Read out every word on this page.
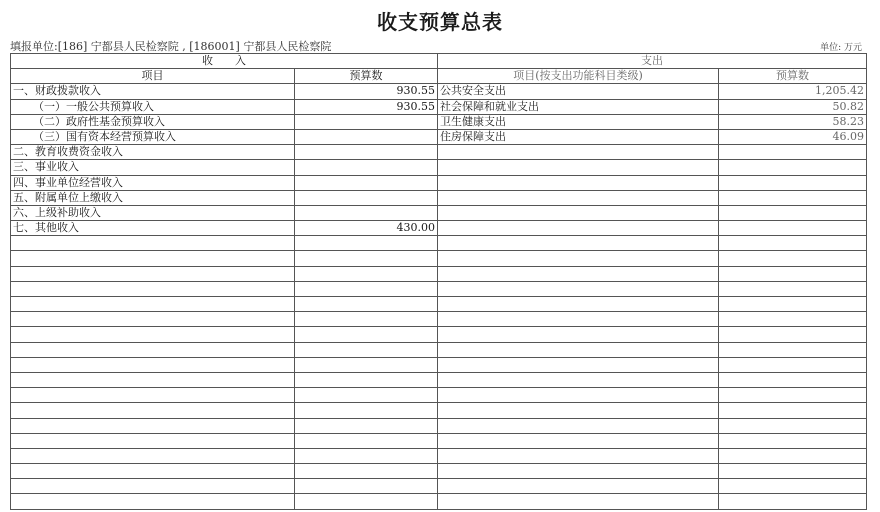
收支预算总表
填报单位:[186] 宁都县人民检察院 , [186001] 宁都县人民检察院	单位: 万元
收　　入		支出	
项目	预算数	项目(按支出功能科目类级)	预算数
一、财政拨款收入	930.55	公共安全支出	1,205.42
（一）一般公共预算收入	930.55	社会保障和就业支出	50.82
（二）政府性基金预算收入		卫生健康支出	58.23
（三）国有资本经营预算收入		住房保障支出	46.09
二、教育收费资金收入			
三、事业收入			
四、事业单位经营收入			
五、附属单位上缴收入			
六、上级补助收入			
七、其他收入	430.00		
